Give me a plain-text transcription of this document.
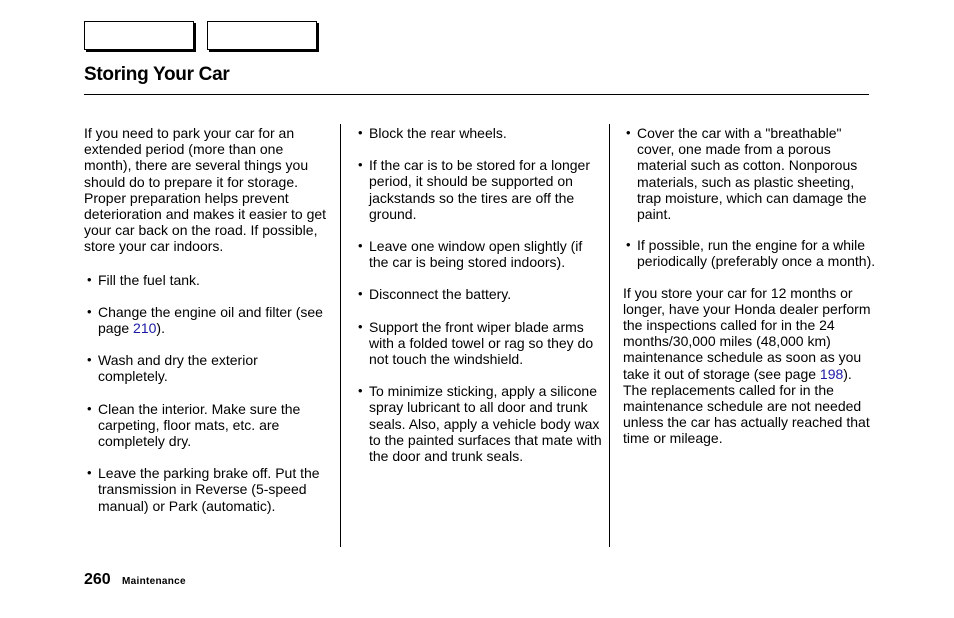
Storing Your Car

If you need to park your car for an extended period (more than one month), there are several things you should do to prepare it for storage. Proper preparation helps prevent deterioration and makes it easier to get your car back on the road. If possible, store your car indoors.

• Fill the fuel tank.
• Change the engine oil and filter (see page 210).
• Wash and dry the exterior completely.
• Clean the interior. Make sure the carpeting, floor mats, etc. are completely dry.
• Leave the parking brake off. Put the transmission in Reverse (5-speed manual) or Park (automatic).
• Block the rear wheels.
• If the car is to be stored for a longer period, it should be supported on jackstands so the tires are off the ground.
• Leave one window open slightly (if the car is being stored indoors).
• Disconnect the battery.
• Support the front wiper blade arms with a folded towel or rag so they do not touch the windshield.
• To minimize sticking, apply a silicone spray lubricant to all door and trunk seals. Also, apply a vehicle body wax to the painted surfaces that mate with the door and trunk seals.
• Cover the car with a "breathable" cover, one made from a porous material such as cotton. Nonporous materials, such as plastic sheeting, trap moisture, which can damage the paint.
• If possible, run the engine for a while periodically (preferably once a month).

If you store your car for 12 months or longer, have your Honda dealer perform the inspections called for in the 24 months/30,000 miles (48,000 km) maintenance schedule as soon as you take it out of storage (see page 198). The replacements called for in the maintenance schedule are not needed unless the car has actually reached that time or mileage.

260 Maintenance
